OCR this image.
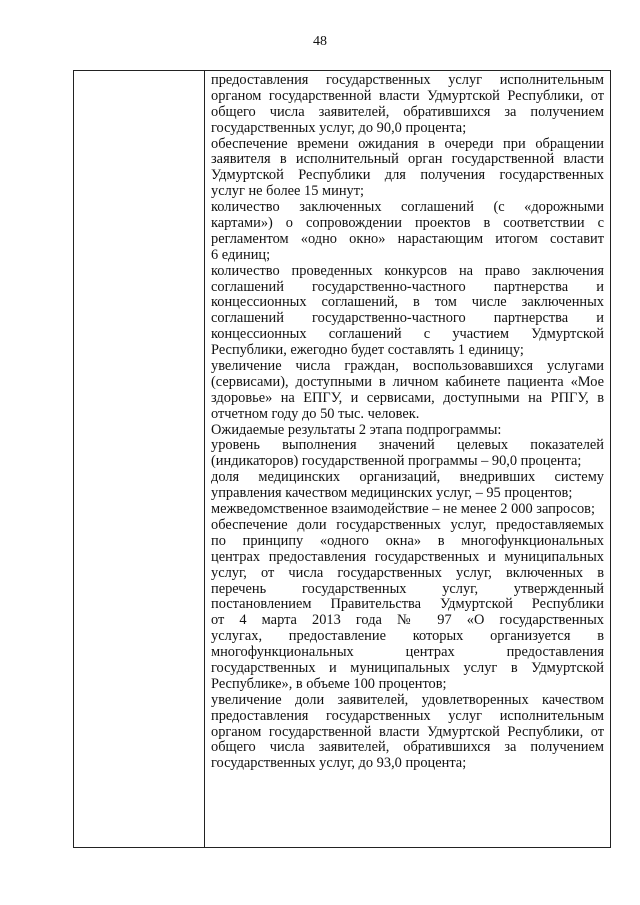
48
предоставления государственных услуг исполнительным
органом государственной власти Удмуртской Республики, от
общего числа заявителей, обратившихся за получением
государственных услуг, до 90,0 процента;
обеспечение времени ожидания в очереди при обращении
заявителя в исполнительный орган государственной власти
Удмуртской Республики для получения государственных
услуг не более 15 минут;
количество заключенных соглашений (с «дорожными
картами») о сопровождении проектов в соответствии с
регламентом «одно окно» нарастающим итогом составит
6 единиц;
количество проведенных конкурсов на право заключения
соглашений государственно-частного партнерства и
концессионных соглашений, в том числе заключенных
соглашений государственно-частного партнерства и
концессионных соглашений с участием Удмуртской
Республики, ежегодно будет составлять 1 единицу;
увеличение числа граждан, воспользовавшихся услугами
(сервисами), доступными в личном кабинете пациента «Мое
здоровье» на ЕПГУ, и сервисами, доступными на РПГУ, в
отчетном году до 50 тыс. человек.
Ожидаемые результаты 2 этапа подпрограммы:
уровень выполнения значений целевых показателей
(индикаторов) государственной программы – 90,0 процента;
доля медицинских организаций, внедривших систему
управления качеством медицинских услуг, – 95 процентов;
межведомственное взаимодействие – не менее 2 000 запросов;
обеспечение доли государственных услуг, предоставляемых
по принципу «одного окна» в многофункциональных
центрах предоставления государственных и муниципальных
услуг, от числа государственных услуг, включенных в
перечень государственных услуг, утвержденный
постановлением Правительства Удмуртской Республики
от 4 марта 2013 года № 97 «О государственных
услугах, предоставление которых организуется в
многофункциональных центрах предоставления
государственных и муниципальных услуг в Удмуртской
Республике», в объеме 100 процентов;
увеличение доли заявителей, удовлетворенных качеством
предоставления государственных услуг исполнительным
органом государственной власти Удмуртской Республики, от
общего числа заявителей, обратившихся за получением
государственных услуг, до 93,0 процента;
